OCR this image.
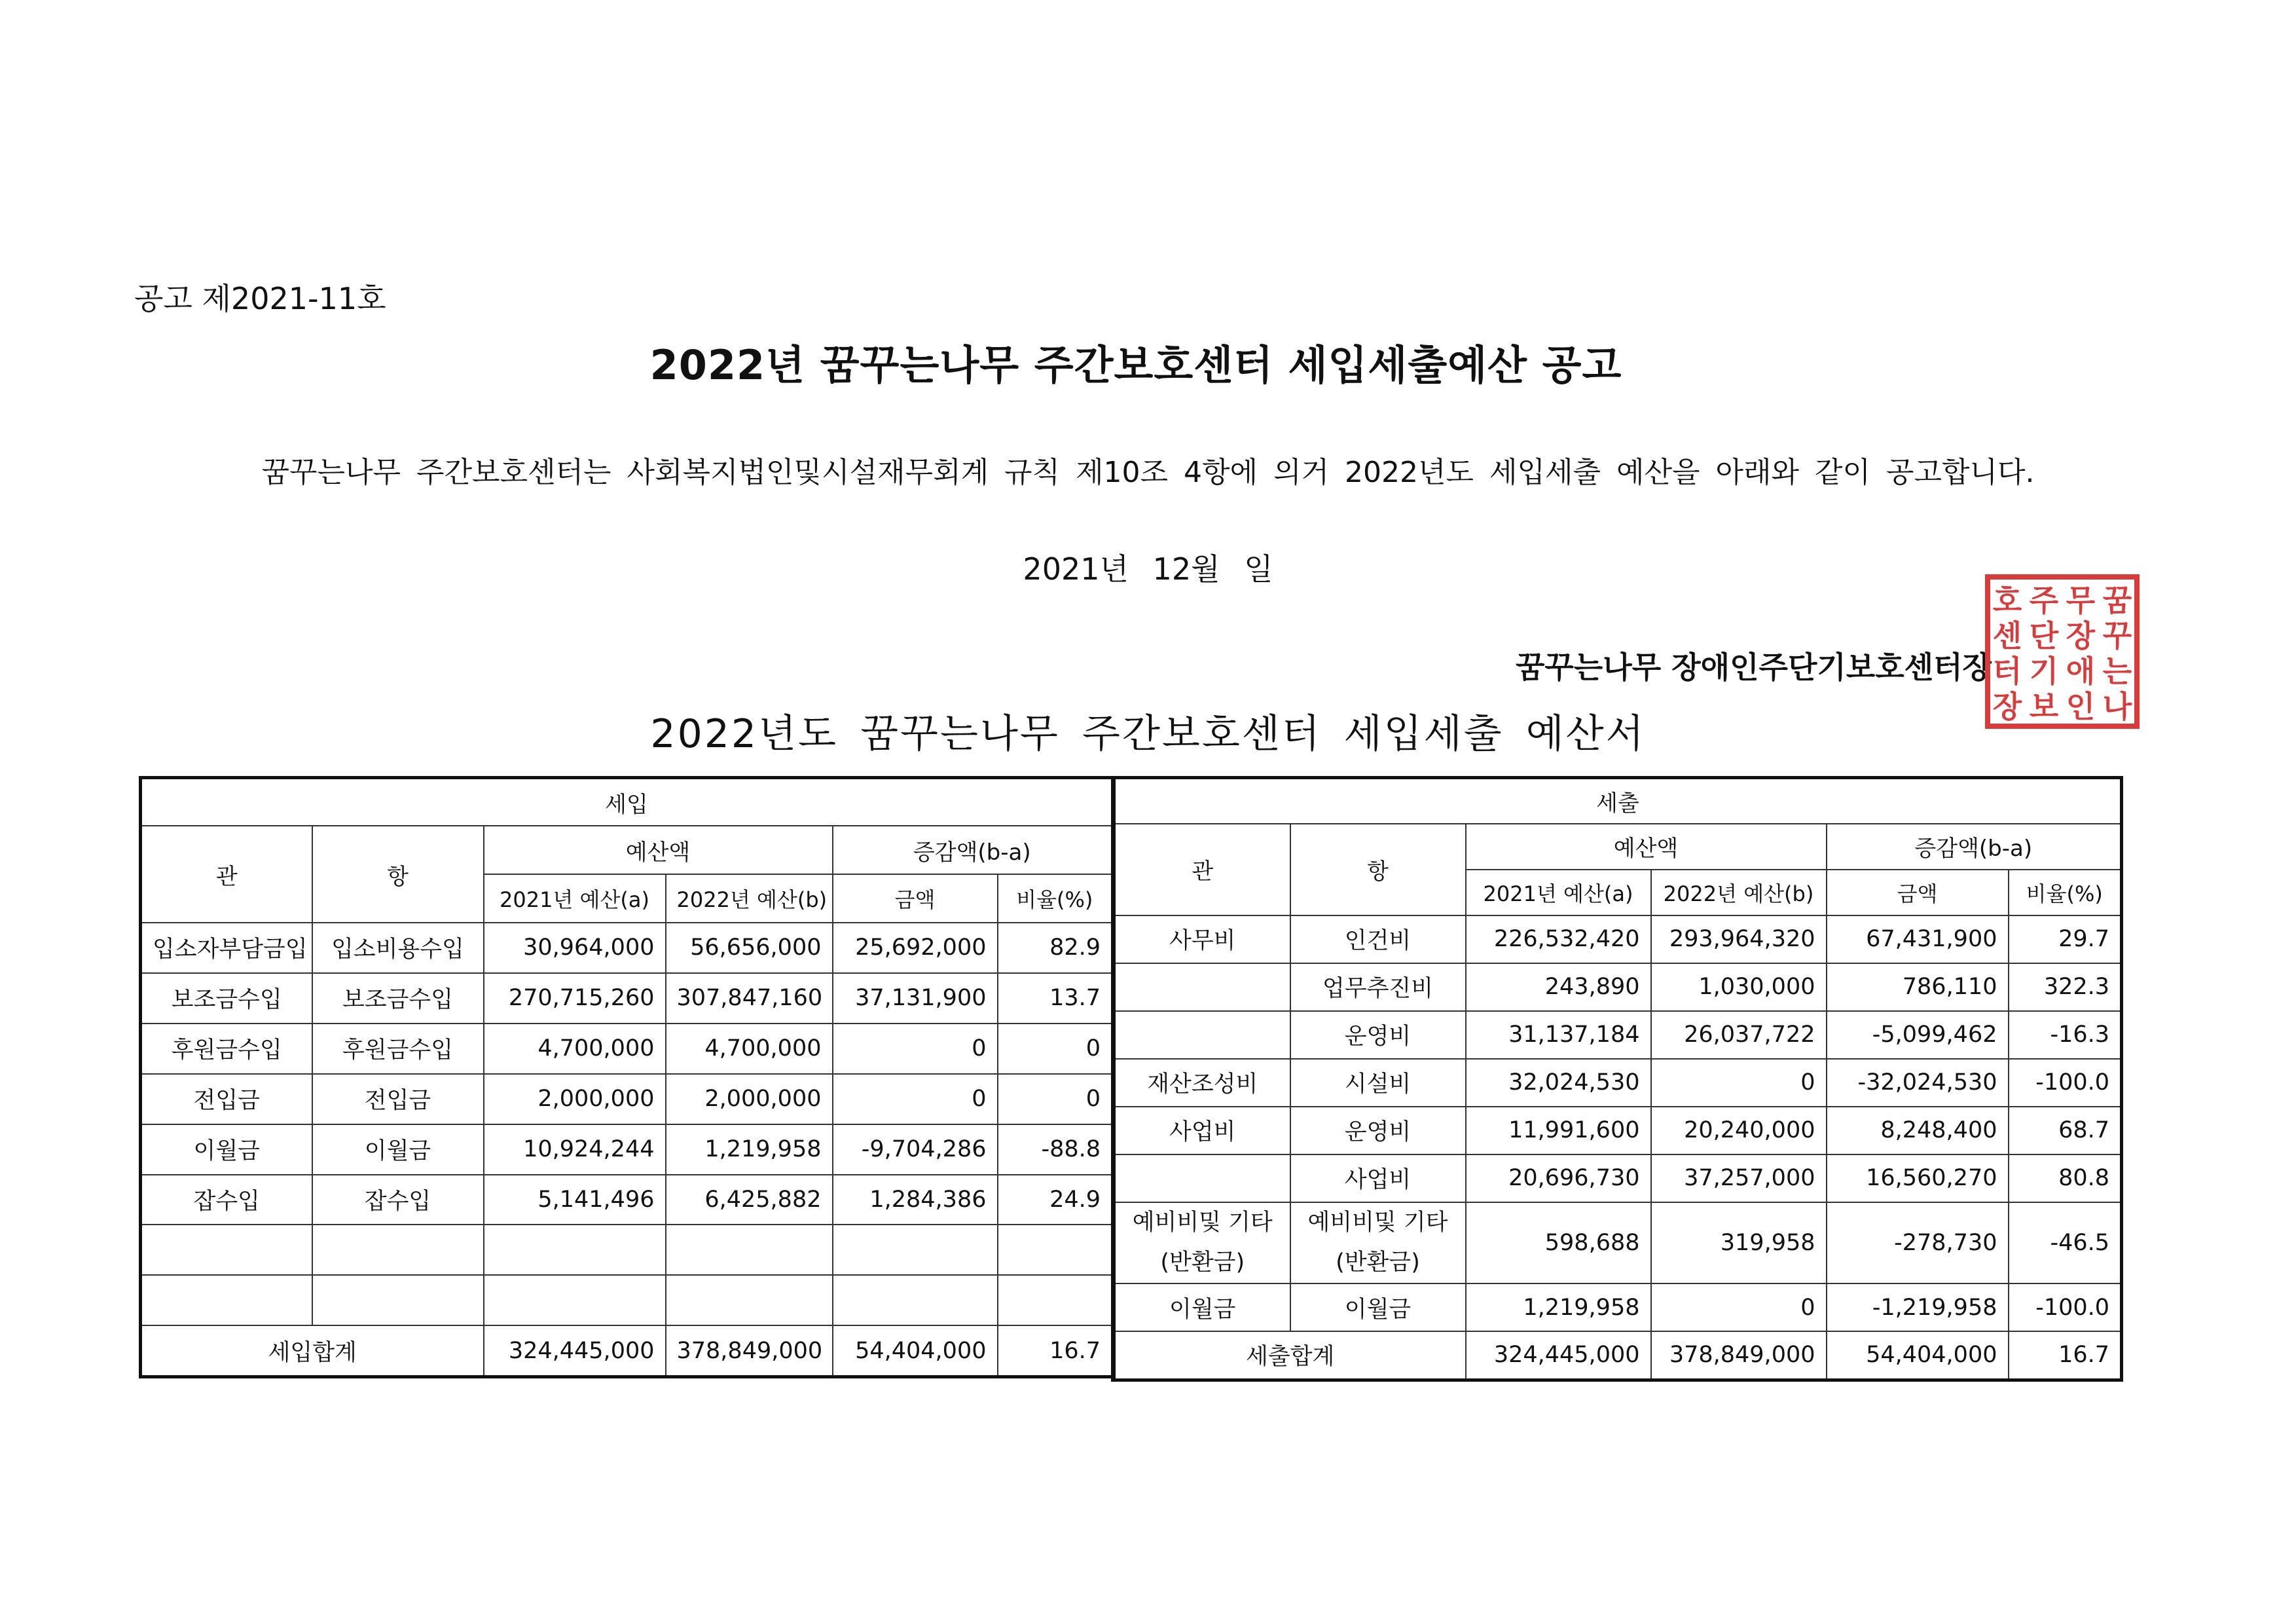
공고 제2021-11호
2022년 꿈꾸는나무 주간보호센터 세입세출예산 공고
꿈꾸는나무 주간보호센터는 사회복지법인및시설재무회계 규칙 제10조 4항에 의거 2022년도 세입세출 예산을 아래와 같이 공고합니다.
2021년 12월 일
꿈꾸는나무 장애인주단기보호센터장
호
센
터
장
주
단
기
보
무
장
애
인
꿈
꾸
는
나
2022년도 꿈꾸는나무 주간보호센터 세입세출 예산서
세입					
관	항	예산액		증감액(b-a)	
		2021년 예산(a)	2022년 예산(b)	금액	비율(%)
입소자부담금입	입소비용수입	30,964,000	56,656,000	25,692,000	82.9
보조금수입	보조금수입	270,715,260	307,847,160	37,131,900	13.7
후원금수입	후원금수입	4,700,000	4,700,000	0	0
전입금	전입금	2,000,000	2,000,000	0	0
이월금	이월금	10,924,244	1,219,958	-9,704,286	-88.8
잡수입	잡수입	5,141,496	6,425,882	1,284,386	24.9

세입합계		324,445,000	378,849,000	54,404,000	16.7
세출					
관	항	예산액		증감액(b-a)	
		2021년 예산(a)	2022년 예산(b)	금액	비율(%)
사무비	인건비	226,532,420	293,964,320	67,431,900	29.7
	업무추진비	243,890	1,030,000	786,110	322.3
	운영비	31,137,184	26,037,722	-5,099,462	-16.3
재산조성비	시설비	32,024,530	0	-32,024,530	-100.0
사업비	운영비	11,991,600	20,240,000	8,248,400	68.7
	사업비	20,696,730	37,257,000	16,560,270	80.8
예비비및 기타(반환금)	예비비및 기타(반환금)	598,688	319,958	-278,730	-46.5
이월금	이월금	1,219,958	0	-1,219,958	-100.0
세출합계		324,445,000	378,849,000	54,404,000	16.7
